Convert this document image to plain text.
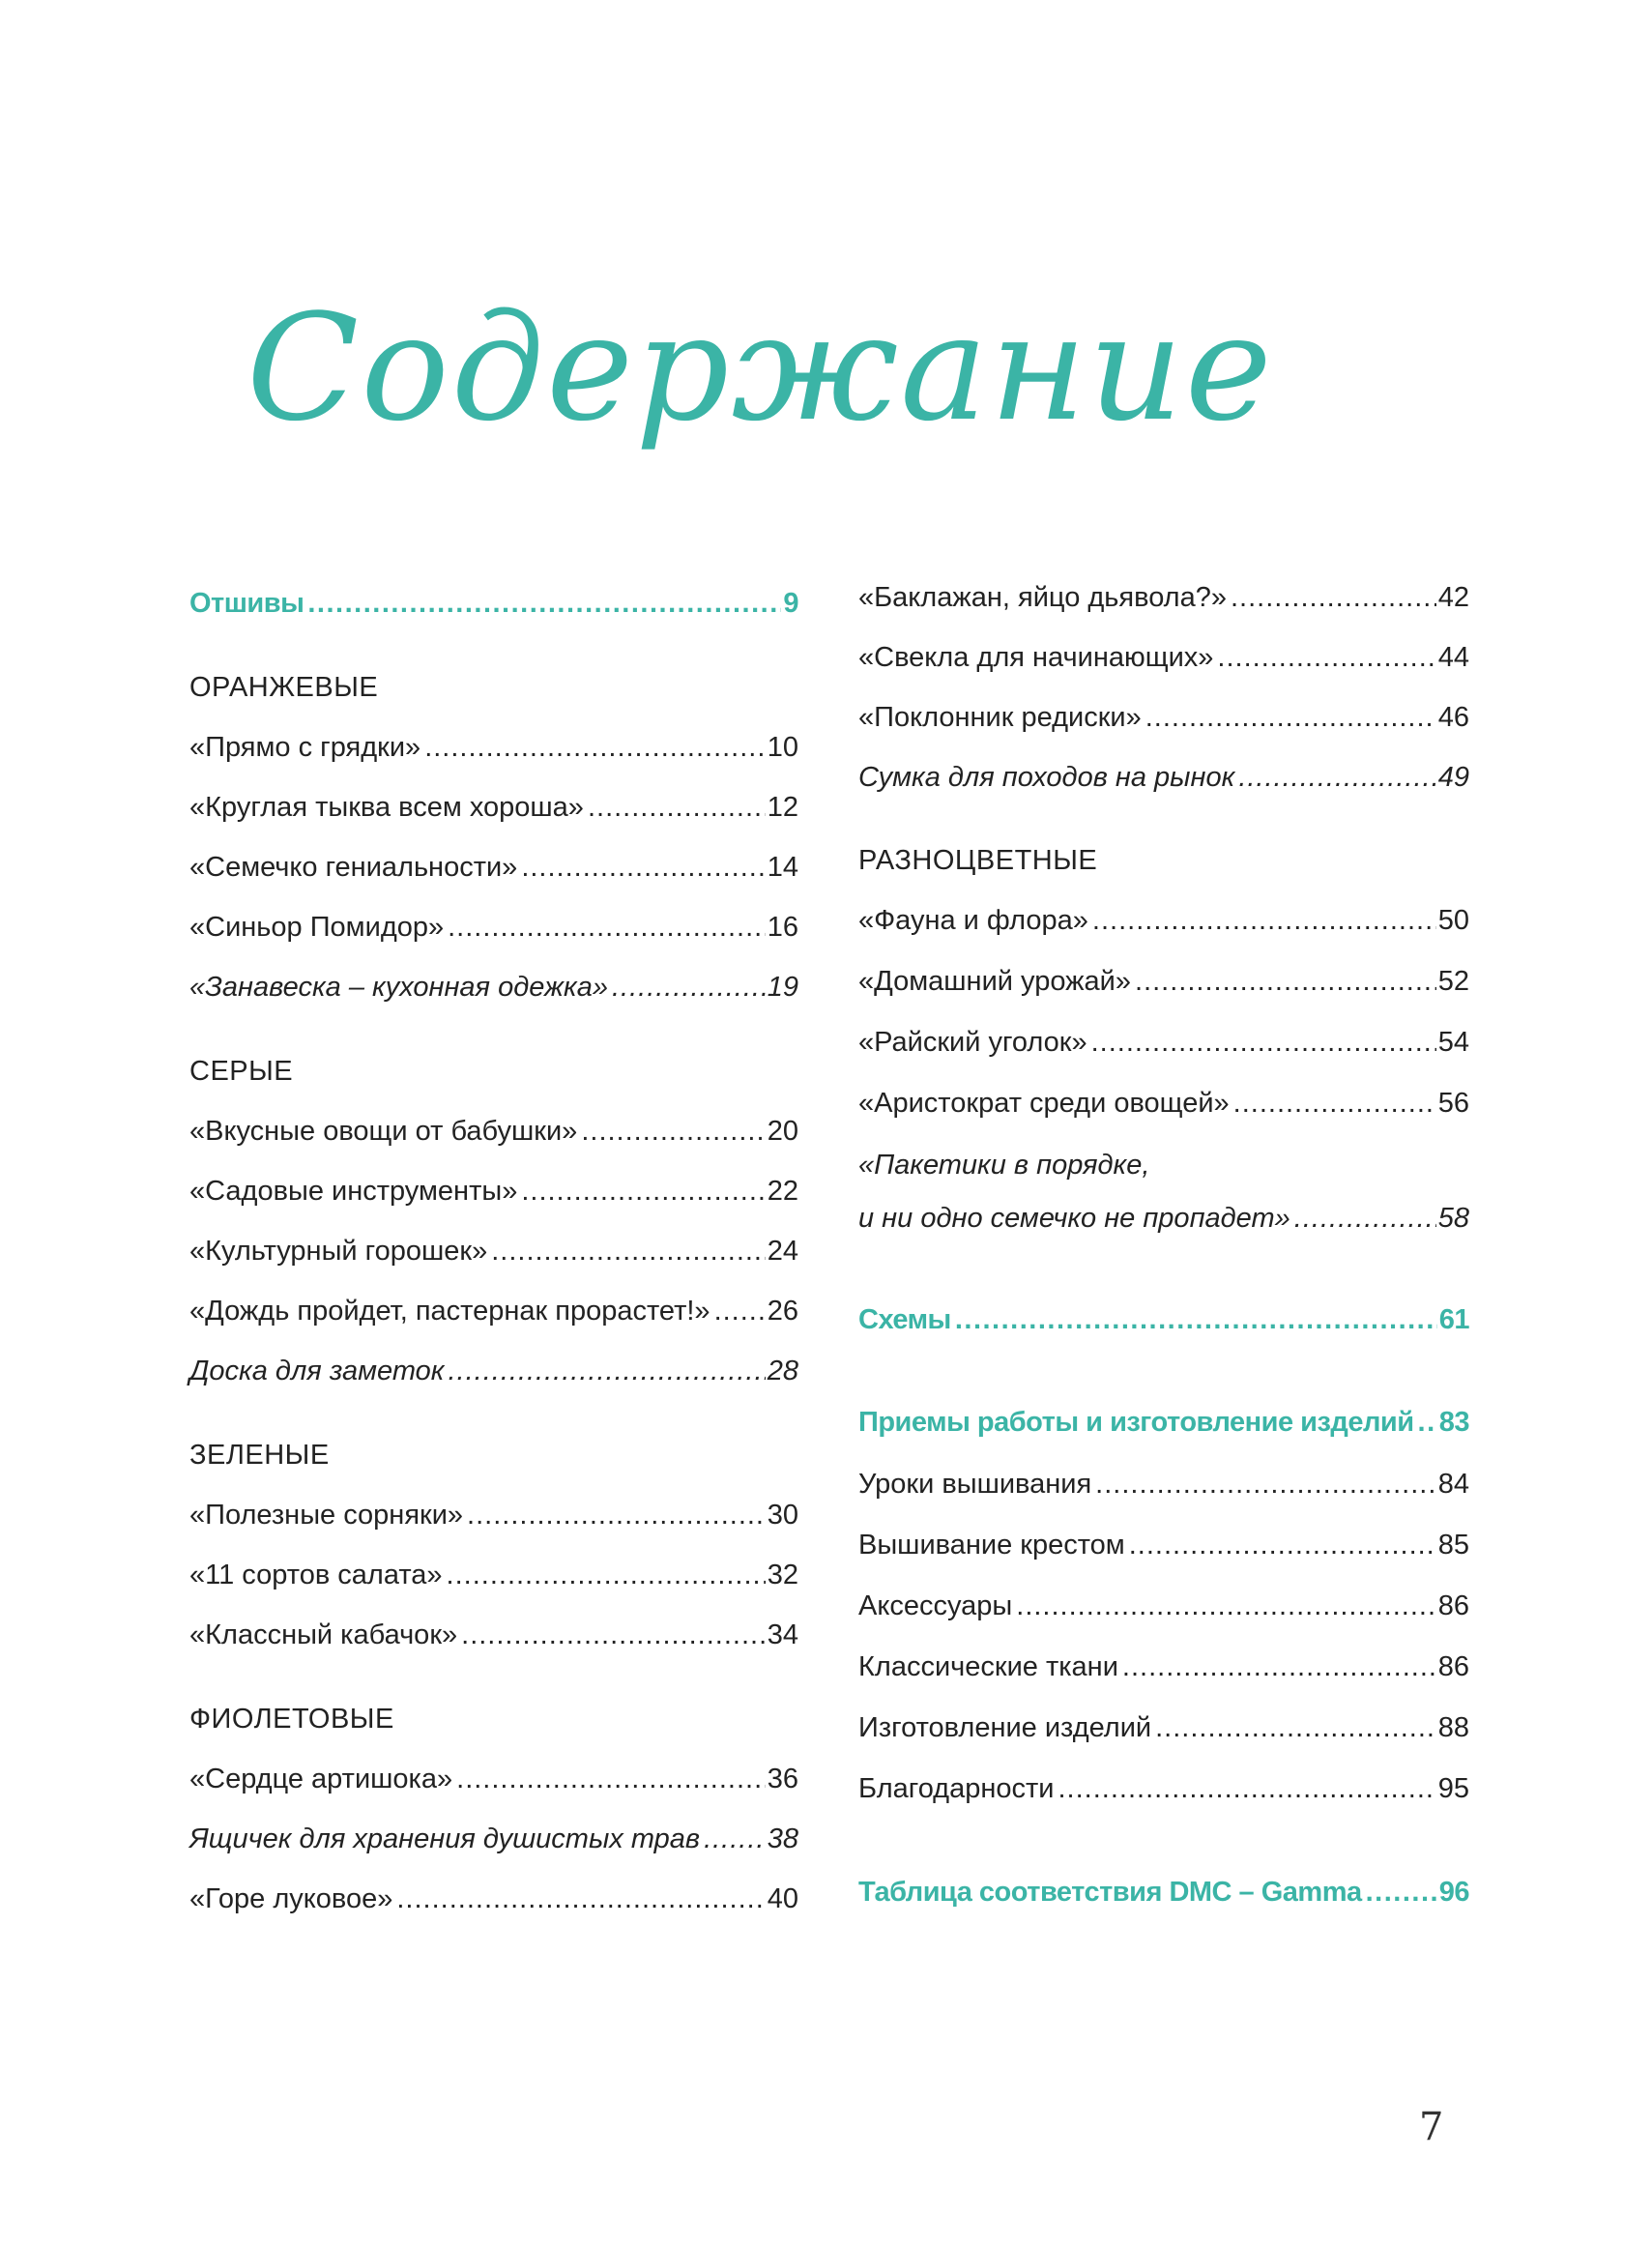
Содержание
Отшивы .....	9
ОРАНЖЕВЫЕ
«Прямо с грядки» .....	10
«Круглая тыква всем хороша» .....	12
«Семечко гениальности» .....	14
«Синьор Помидор» .....	16
«Занавеска – кухонная одежка» .....	19
СЕРЫЕ
«Вкусные овощи от бабушки» .....	20
«Садовые инструменты» .....	22
«Культурный горошек» .....	24
«Дождь пройдет, пастернак прорастет!» ..... 26
Доска для заметок .....	28
ЗЕЛЕНЫЕ
«Полезные сорняки» .....	30
«11 сортов салата» .....	32
«Классный кабачок» .....	34
ФИОЛЕТОВЫЕ
«Сердце артишока» .....	36
Ящичек для хранения душистых трав ..... 38
«Горе луковое» .....	40
«Баклажан, яйцо дьявола?» .....	42
«Свекла для начинающих» .....	44
«Поклонник редиски» .....	46
Сумка для походов на рынок .....	49
РАЗНОЦВЕТНЫЕ
«Фауна и флора» .....	50
«Домашний урожай» .....	52
«Райский уголок» .....	54
«Аристократ среди овощей» .....	56
«Пакетики в порядке,
и ни одно семечко не пропадет» .....	58
Схемы .....	61
Приемы работы и изготовление изделий ..... 83
Уроки вышивания .....	84
Вышивание крестом .....	85
Аксессуары .....	86
Классические ткани .....	86
Изготовление изделий .....	88
Благодарности .....	95
Таблица соответствия DMC – Gamma .....	96
7
